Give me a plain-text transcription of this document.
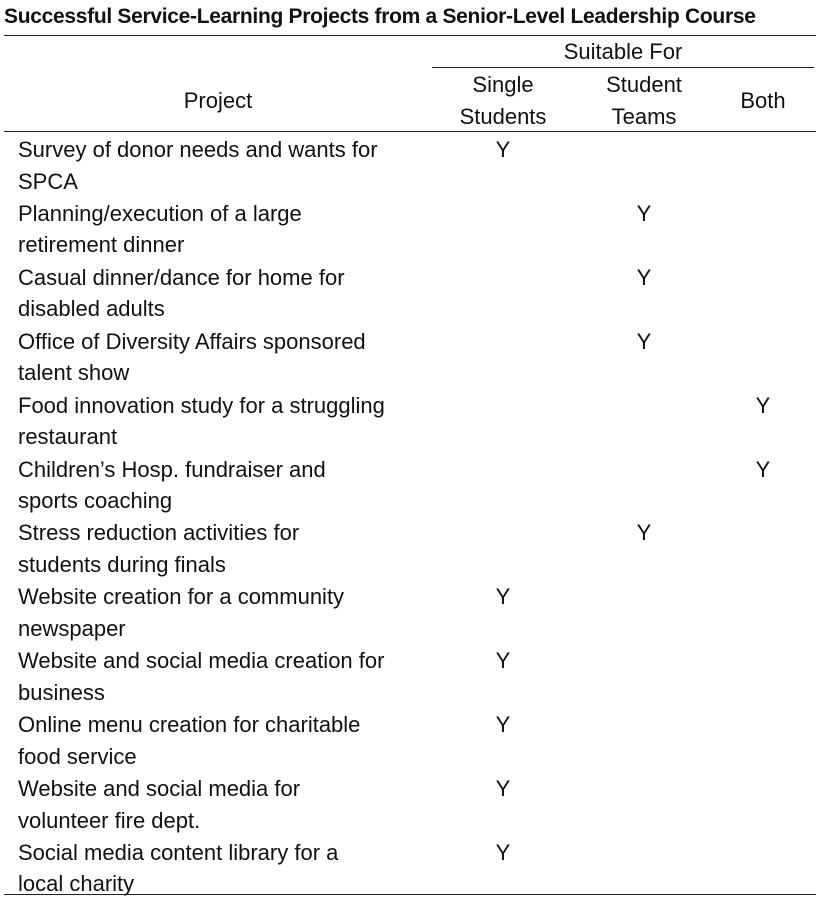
Successful Service-Learning Projects from a Senior-Level Leadership Course
Suitable For
Project
Single
Students
Student
Teams
Both
Survey of donor needs and wants for
SPCA
Y
Planning/execution of a large
retirement dinner
Y
Casual dinner/dance for home for
disabled adults
Y
Office of Diversity Affairs sponsored
talent show
Y
Food innovation study for a struggling
restaurant
Y
Children’s Hosp. fundraiser and
sports coaching
Y
Stress reduction activities for
students during finals
Y
Website creation for a community
newspaper
Y
Website and social media creation for
business
Y
Online menu creation for charitable
food service
Y
Website and social media for
volunteer fire dept.
Y
Social media content library for a
local charity
Y
